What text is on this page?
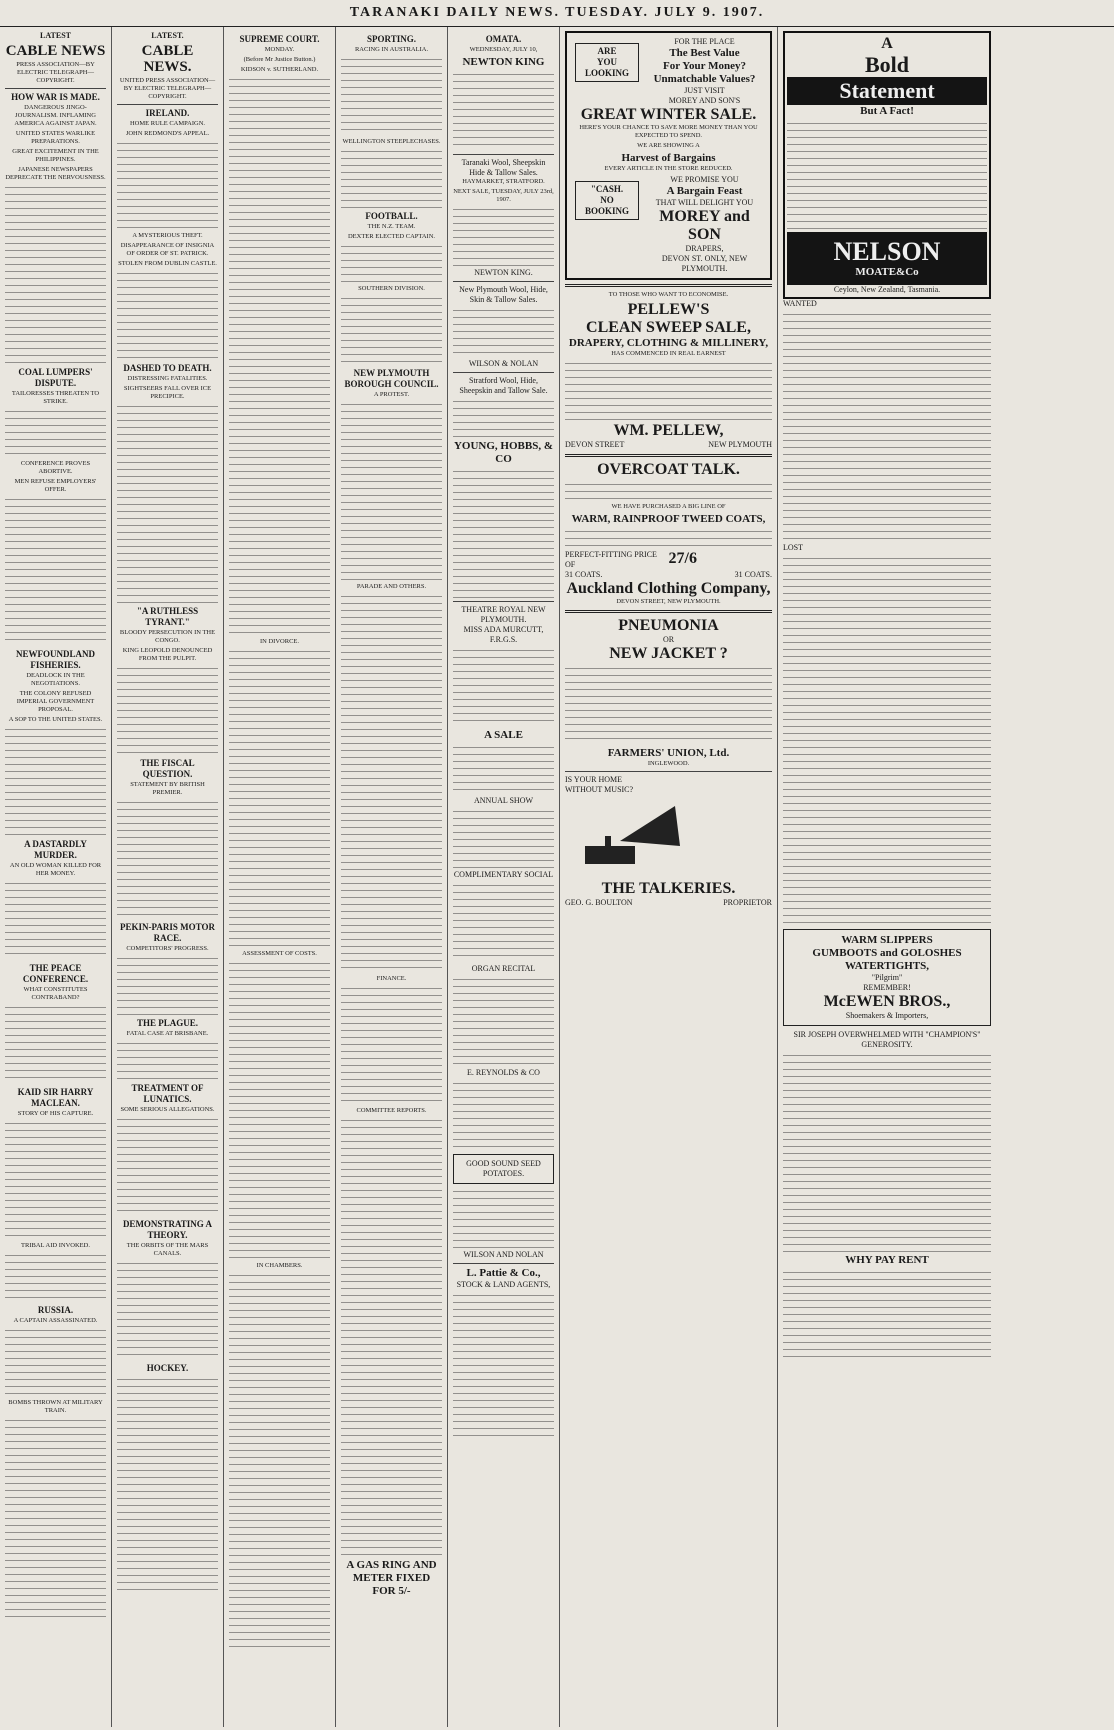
TARANAKI DAILY NEWS. TUESDAY. JULY 9. 1907.
LATEST
CABLE NEWS
PRESS ASSOCIATION—BY ELECTRIC TELEGRAPH—COPYRIGHT.
HOW WAR IS MADE.
DANGEROUS JINGO-JOURNALISM. INFLAMING AMERICA AGAINST JAPAN.
UNITED STATES WARLIKE PREPARATIONS.
GREAT EXCITEMENT IN THE PHILIPPINES.
JAPANESE NEWSPAPERS DEPRECATE THE NERVOUSNESS.
COAL LUMPERS' DISPUTE.
TAILORESSES THREATEN TO STRIKE.
CONFERENCE PROVES ABORTIVE.
MEN REFUSE EMPLOYERS' OFFER.
NEWFOUNDLAND FISHERIES.
DEADLOCK IN THE NEGOTIATIONS.
THE COLONY REFUSED IMPERIAL GOVERNMENT PROPOSAL.
A SOP TO THE UNITED STATES.
A DASTARDLY MURDER.
AN OLD WOMAN KILLED FOR HER MONEY.
THE PEACE CONFERENCE.
WHAT CONSTITUTES CONTRABAND?
KAID SIR HARRY MACLEAN.
STORY OF HIS CAPTURE.
TRIBAL AID INVOKED.
RUSSIA.
A CAPTAIN ASSASSINATED.
BOMBS THROWN AT MILITARY TRAIN.
LATEST.
CABLE NEWS.
UNITED PRESS ASSOCIATION—BY ELECTRIC TELEGRAPH—COPYRIGHT.
IRELAND.
HOME RULE CAMPAIGN.
JOHN REDMOND'S APPEAL.
A MYSTERIOUS THEFT.
DISAPPEARANCE OF INSIGNIA OF ORDER OF ST. PATRICK.
STOLEN FROM DUBLIN CASTLE.
DASHED TO DEATH.
DISTRESSING FATALITIES.
SIGHTSEERS FALL OVER ICE PRECIPICE.
"A RUTHLESS TYRANT."
BLOODY PERSECUTION IN THE CONGO.
KING LEOPOLD DENOUNCED FROM THE PULPIT.
THE FISCAL QUESTION.
STATEMENT BY BRITISH PREMIER.
PEKIN-PARIS MOTOR RACE.
COMPETITORS' PROGRESS.
THE PLAGUE.
FATAL CASE AT BRISBANE.
TREATMENT OF LUNATICS.
SOME SERIOUS ALLEGATIONS.
DEMONSTRATING A THEORY.
THE ORBITS OF THE MARS CANALS.
HOCKEY.
SUPREME COURT.
MONDAY.
(Before Mr Justice Button.)
KIDSON v. SUTHERLAND.
IN DIVORCE.
ASSESSMENT OF COSTS.
IN CHAMBERS.
SPORTING.
RACING IN AUSTRALIA.
WELLINGTON STEEPLECHASES.
FOOTBALL.
THE N.Z. TEAM.
DEXTER ELECTED CAPTAIN.
SOUTHERN DIVISION.
NEW PLYMOUTH BOROUGH COUNCIL.
A PROTEST.
PARADE AND OTHERS.
FINANCE.
COMMITTEE REPORTS.
A GAS RING AND METER FIXED FOR 5/-
OMATA.
WEDNESDAY, JULY 10,
NEWTON KING
Taranaki Wool, Sheepskin Hide & Tallow Sales.
HAYMARKET, STRATFORD.
NEXT SALE, TUESDAY, JULY 23rd, 1907.
NEWTON KING.
New Plymouth Wool, Hide, Skin & Tallow Sales.
WILSON & NOLAN
Stratford Wool, Hide, Sheepskin and Tallow Sale.
YOUNG, HOBBS, & CO
THEATRE ROYAL NEW PLYMOUTH.
MISS ADA MURCUTT, F.R.G.S.
A SALE
ANNUAL SHOW
COMPLIMENTARY SOCIAL
ORGAN RECITAL
E. REYNOLDS & CO
GOOD SOUND SEED POTATOES.
WILSON AND NOLAN
L. Pattie & Co.,
STOCK & LAND AGENTS,
ARE
YOU
LOOKING
FOR THE PLACE
The Best Value
For Your Money?
Unmatchable Values?
JUST VISIT
MOREY AND SON'S
GREAT WINTER SALE.
HERE'S YOUR CHANCE TO SAVE MORE MONEY THAN YOU EXPECTED TO SPEND.
WE ARE SHOWING A
Harvest of Bargains
EVERY ARTICLE IN THE STORE REDUCED.
"CASH.
NO
BOOKING
WE PROMISE YOU
A Bargain Feast
THAT WILL DELIGHT YOU
MOREY and SON
DRAPERS,
DEVON ST. ONLY, NEW PLYMOUTH.
TO THOSE WHO WANT TO ECONOMISE.
PELLEW'S
CLEAN SWEEP SALE,
DRAPERY, CLOTHING & MILLINERY,
HAS COMMENCED IN REAL EARNEST
WM. PELLEW,
DEVON STREET	NEW PLYMOUTH
OVERCOAT TALK.
WE HAVE PURCHASED A BIG LINE OF
WARM, RAINPROOF TWEED COATS,
PERFECT-FITTING PRICE OF	27/6
31 COATS.	31 COATS.
Auckland Clothing Company,
DEVON STREET, NEW PLYMOUTH.
PNEUMONIA
OR
NEW JACKET ?
FARMERS' UNION, Ltd.
INGLEWOOD.
IS YOUR HOME WITHOUT MUSIC?
THE TALKERIES.
GEO. G. BOULTON	PROPRIETOR
A
Bold
Statement
But A Fact!
NELSON
MOATE&Co
Ceylon, New Zealand, Tasmania.
WANTED
LOST
WARM SLIPPERS
GUMBOOTS and GOLOSHES
WATERTIGHTS,
"Pilgrim"
REMEMBER!
McEWEN BROS.,
Shoemakers & Importers,
SIR JOSEPH OVERWHELMED WITH "CHAMPION'S" GENEROSITY.
WHY PAY RENT
